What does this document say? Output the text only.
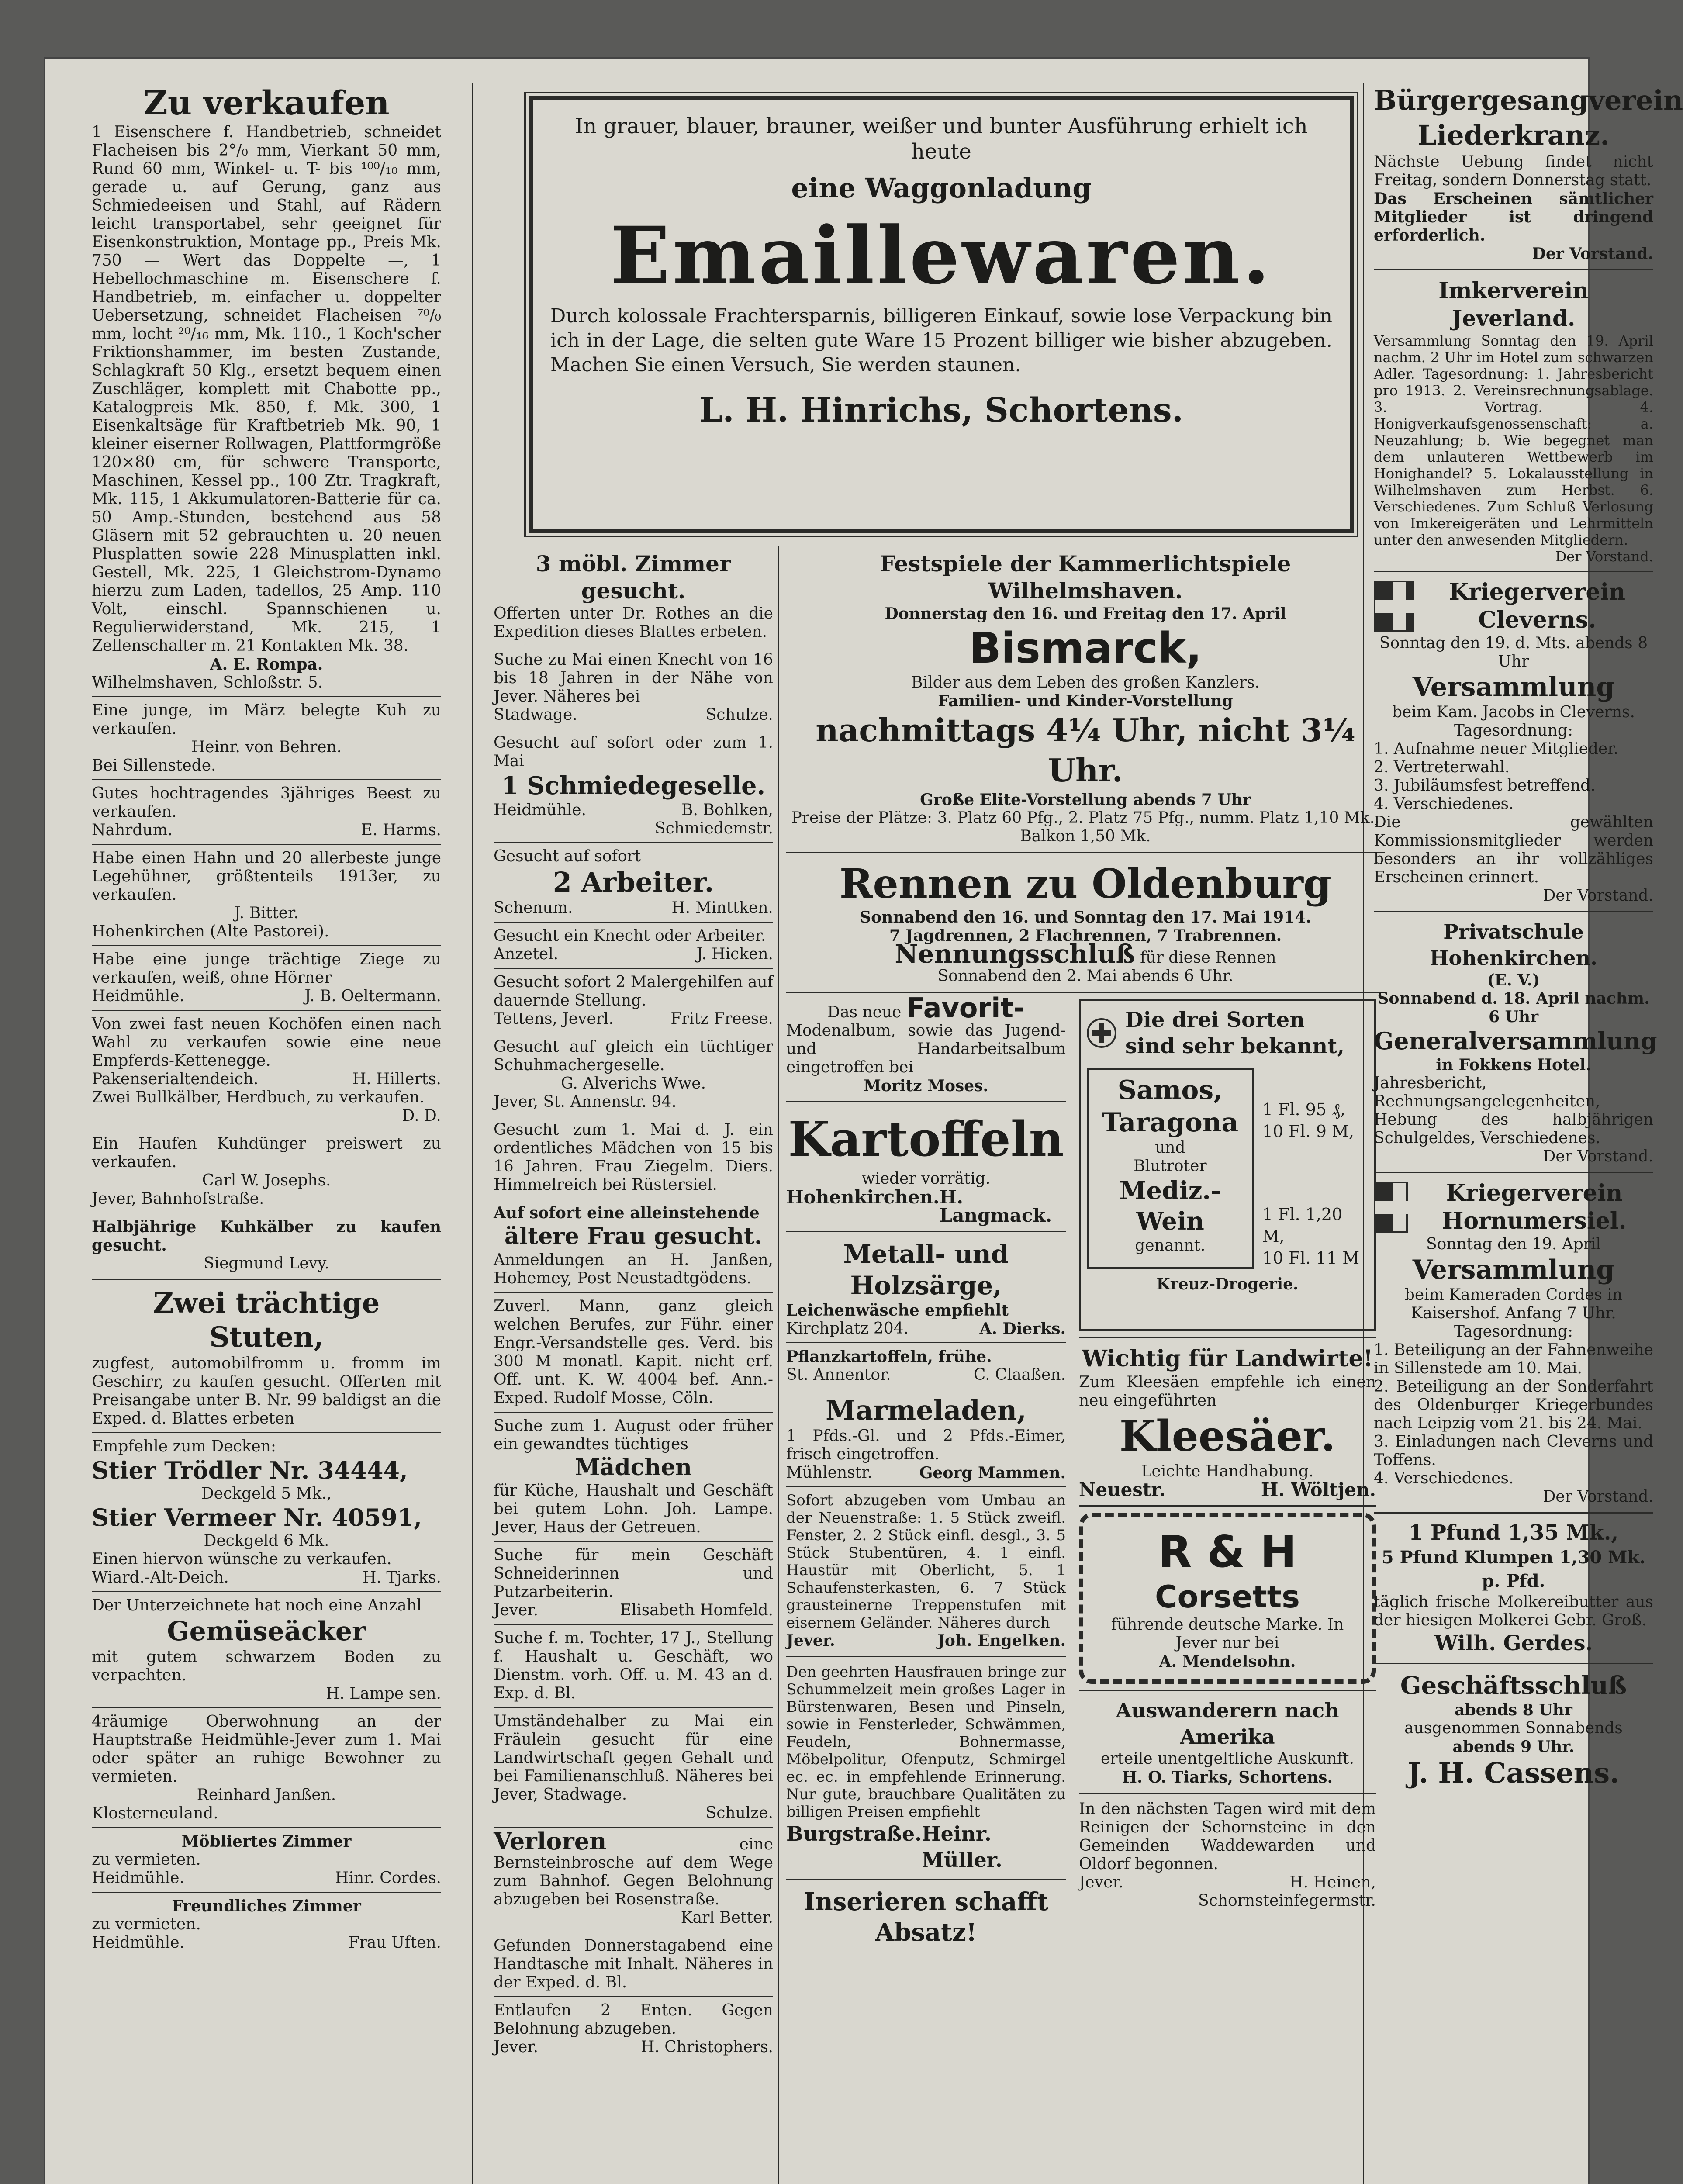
Zu verkaufen

1 Eisenschere f. Handbetrieb, schneidet Flacheisen bis 2°/₀ mm, Vierkant 50 mm, Rund 60 mm, Winkel- u. T- bis ¹⁰⁰/₁₀ mm, gerade u. auf Gerung, ganz aus Schmiedeeisen und Stahl, auf Rädern leicht transportabel, sehr geeignet für Eisenkonstruktion, Montage pp., Preis Mk. 750 — Wert das Doppelte —, 1 Hebellochmaschine m. Eisenschere f. Handbetrieb, m. einfacher u. doppelter Uebersetzung, schneidet Flacheisen ⁷⁰/₀ mm, locht ²⁰/₁₆ mm, Mk. 110., 1 Koch'scher Friktionshammer, im besten Zustande, Schlagkraft 50 Klg., ersetzt bequem einen Zuschläger, komplett mit Chabotte pp., Katalogpreis Mk. 850, f. Mk. 300, 1 Eisenkaltsäge für Kraftbetrieb Mk. 90, 1 kleiner eiserner Rollwagen, Plattformgröße 120×80 cm, für schwere Transporte, Maschinen, Kessel pp., 100 Ztr. Tragkraft, Mk. 115, 1 Akkumulatoren-Batterie für ca. 50 Amp.-Stunden, bestehend aus 58 Gläsern mit 52 gebrauchten u. 20 neuen Plusplatten sowie 228 Minusplatten inkl. Gestell, Mk. 225, 1 Gleichstrom-Dynamo hierzu zum Laden, tadellos, 25 Amp. 110 Volt, einschl. Spannschienen u. Regulierwiderstand, Mk. 215, 1 Zellenschalter m. 21 Kontakten Mk. 38.

A. E. Rompa.

Wilhelmshaven, Schloßstr. 5.

Eine junge, im März belegte Kuh zu verkaufen.

Heinr. von Behren.

Bei Sillenstede.

Gutes hochtragendes 3jähriges Beest zu verkaufen.

Nahrdum.	E. Harms.

Habe einen Hahn und 20 allerbeste junge Legehühner, größtenteils 1913er, zu verkaufen.

J. Bitter.

Hohenkirchen (Alte Pastorei).

Habe eine junge trächtige Ziege zu verkaufen, weiß, ohne Hörner

Heidmühle.	J. B. Oeltermann.

Von zwei fast neuen Kochöfen einen nach Wahl zu verkaufen sowie eine neue Empferds-Kettenegge.

Pakenserialtendeich.	H. Hillerts.

Zwei Bullkälber, Herdbuch, zu verkaufen.

D. D.

Ein Haufen Kuhdünger preiswert zu verkaufen.

Carl W. Josephs.

Jever, Bahnhofstraße.

Halbjährige Kuhkälber zu kaufen gesucht.

Siegmund Levy.

Zwei trächtige Stuten,

zugfest, automobilfromm u. fromm im Geschirr, zu kaufen gesucht. Offerten mit Preisangabe unter B. Nr. 99 baldigst an die Exped. d. Blattes erbeten

Empfehle zum Decken:

Stier Trödler Nr. 34444,

Deckgeld 5 Mk.,

Stier Vermeer Nr. 40591,

Deckgeld 6 Mk.

Einen hiervon wünsche zu verkaufen.

Wiard.-Alt-Deich.	H. Tjarks.

Der Unterzeichnete hat noch eine Anzahl

Gemüseäcker

mit gutem schwarzem Boden zu verpachten.

H. Lampe sen.

4räumige Oberwohnung an der Hauptstraße Heidmühle-Jever zum 1. Mai oder später an ruhige Bewohner zu vermieten.

Reinhard Janßen.

Klosterneuland.

Möbliertes Zimmer

zu vermieten.

Heidmühle.	Hinr. Cordes.

Freundliches Zimmer

zu vermieten.

Heidmühle.	Frau Uften.

In grauer, blauer, brauner, weißer und bunter Ausführung erhielt ich heute

eine Waggonladung

Emaillewaren.

Durch kolossale Frachtersparnis, billigeren Einkauf, sowie lose Verpackung bin ich in der Lage, die selten gute Ware 15 Prozent billiger wie bisher abzugeben. Machen Sie einen Versuch, Sie werden staunen.

L. H. Hinrichs, Schortens.

3 möbl. Zimmer gesucht.

Offerten unter Dr. Rothes an die Expedition dieses Blattes erbeten.

Suche zu Mai einen Knecht von 16 bis 18 Jahren in der Nähe von Jever. Näheres bei

Stadwage.	Schulze.

Gesucht auf sofort oder zum 1. Mai

1 Schmiedegeselle.

Heidmühle.	B. Bohlken,

Schmiedemstr.

Gesucht auf sofort

2 Arbeiter.

Schenum.	H. Minttken.

Gesucht ein Knecht oder Arbeiter.

Anzetel.	J. Hicken.

Gesucht sofort 2 Malergehilfen auf dauernde Stellung.

Tettens, Jeverl.	Fritz Freese.

Gesucht auf gleich ein tüchtiger Schuhmachergeselle.

G. Alverichs Wwe.

Jever, St. Annenstr. 94.

Gesucht zum 1. Mai d. J. ein ordentliches Mädchen von 15 bis 16 Jahren. Frau Ziegelm. Diers. Himmelreich bei Rüstersiel.

Auf sofort eine alleinstehende

ältere Frau gesucht.

Anmeldungen an H. Janßen, Hohemey, Post Neustadtgödens.

Zuverl. Mann, ganz gleich welchen Berufes, zur Führ. einer Engr.-Versandstelle ges. Verd. bis 300 M monatl. Kapit. nicht erf. Off. unt. K. W. 4004 bef. Ann.-Exped. Rudolf Mosse, Cöln.

Suche zum 1. August oder früher ein gewandtes tüchtiges

Mädchen

für Küche, Haushalt und Geschäft bei gutem Lohn. Joh. Lampe. Jever, Haus der Getreuen.

Suche für mein Geschäft Schneiderinnen und Putzarbeiterin.

Jever.	Elisabeth Homfeld.

Suche f. m. Tochter, 17 J., Stellung f. Haushalt u. Geschäft, wo Dienstm. vorh. Off. u. M. 43 an d. Exp. d. Bl.

Umständehalber zu Mai ein Fräulein gesucht für eine Landwirtschaft gegen Gehalt und bei Familienanschluß. Näheres bei Jever, Stadwage.

Schulze.

Verloren	eine Bernsteinbrosche auf dem Wege zum Bahnhof. Gegen Belohnung abzugeben bei Rosenstraße.

Karl Better.

Gefunden Donnerstagabend eine Handtasche mit Inhalt. Näheres in der Exped. d. Bl.

Entlaufen 2 Enten. Gegen Belohnung abzugeben.

Jever.	H. Christophers.

Festspiele der Kammerlichtspiele Wilhelmshaven.

Donnerstag den 16. und Freitag den 17. April

Bismarck,

Bilder aus dem Leben des großen Kanzlers.

Familien- und Kinder-Vorstellung

nachmittags 4¼ Uhr, nicht 3¼ Uhr.

Große Elite-Vorstellung abends 7 Uhr

Preise der Plätze: 3. Platz 60 Pfg., 2. Platz 75 Pfg., numm. Platz 1,10 Mk., Balkon 1,50 Mk.

Rennen zu Oldenburg

Sonnabend den 16. und Sonntag den 17. Mai 1914.

7 Jagdrennen, 2 Flachrennen, 7 Trabrennen.

Nennungsschluß für diese Rennen

Sonnabend den 2. Mai abends 6 Uhr.

Das neue Favorit-

Modenalbum, sowie das Jugend- und Handarbeitsalbum eingetroffen bei

Moritz Moses.

Kartoffeln

wieder vorrätig.

Hohenkirchen. H. Langmack.

Metall- und Holzsärge,

Leichenwäsche empfiehlt

Kirchplatz 204.	A. Dierks.

Pflanzkartoffeln, frühe.

St. Annentor.	C. Claaßen.

Marmeladen,

1 Pfds.-Gl. und 2 Pfds.-Eimer, frisch eingetroffen.

Mühlenstr.	Georg Mammen.

Sofort abzugeben vom Umbau an der Neuenstraße: 1. 5 Stück zweifl. Fenster, 2. 2 Stück einfl. desgl., 3. 5 Stück Stubentüren, 4. 1 einfl. Haustür mit Oberlicht, 5. 1 Schaufensterkasten, 6. 7 Stück grausteinerne Treppenstufen mit eisernem Geländer. Näheres durch

Jever.	Joh. Engelken.

Den geehrten Hausfrauen bringe zur Schummelzeit mein großes Lager in Bürstenwaren, Besen und Pinseln, sowie in Fensterleder, Schwämmen, Feudeln, Bohnermasse, Möbelpolitur, Ofenputz, Schmirgel ec. ec. in empfehlende Erinnerung. Nur gute, brauchbare Qualitäten zu billigen Preisen empfiehlt

Burgstraße. Heinr. Müller.

Inserieren schafft Absatz!

Die drei Sorten

sind sehr bekannt,

Samos,

Taragona

und

Blutroter

Mediz.-Wein

genannt.

1 Fl. 95 ₰,

10 Fl. 9 M,

1 Fl. 1,20 M,

10 Fl. 11 M

Kreuz-Drogerie.

Wichtig für Landwirte!

Zum Kleesäen empfehle ich einen neu eingeführten

Kleesäer.

Leichte Handhabung.

Neuestr.	H. Wöltjen.

R & H

Corsetts

führende deutsche Marke. In Jever nur bei

A. Mendelsohn.

Auswanderern nach Amerika

erteile unentgeltliche Auskunft.

H. O. Tiarks, Schortens.

In den nächsten Tagen wird mit dem Reinigen der Schornsteine in den Gemeinden Waddewarden und Oldorf begonnen.

Jever.	H. Heinen,

Schornsteinfegermstr.

Bürgergesangverein Liederkranz.

Nächste Uebung findet nicht Freitag, sondern Donnerstag statt.

Das Erscheinen sämtlicher Mitglieder ist dringend erforderlich.

Der Vorstand.

Imkerverein Jeverland.

Versammlung Sonntag den 19. April nachm. 2 Uhr im Hotel zum schwarzen Adler. Tagesordnung: 1. Jahresbericht pro 1913. 2. Vereinsrechnungsablage. 3. Vortrag. 4. Honigverkaufsgenossenschaft: a. Neuzahlung; b. Wie begegnet man dem unlauteren Wettbewerb im Honighandel? 5. Lokalausstellung in Wilhelmshaven zum Herbst. 6. Verschiedenes. Zum Schluß Verlosung von Imkereigeräten und Lehrmitteln unter den anwesenden Mitgliedern.

Der Vorstand.

Kriegerverein Cleverns.

Sonntag den 19. d. Mts. abends 8 Uhr

Versammlung

beim Kam. Jacobs in Cleverns.

Tagesordnung:

1. Aufnahme neuer Mitglieder.

2. Vertreterwahl.

3. Jubiläumsfest betreffend.

4. Verschiedenes.

Die gewählten Kommissionsmitglieder werden besonders an ihr vollzähliges Erscheinen erinnert.

Der Vorstand.

Privatschule Hohenkirchen.

(E. V.)

Sonnabend d. 18. April nachm. 6 Uhr

Generalversammlung

in Fokkens Hotel.

Jahresbericht, Rechnungsangelegenheiten, Hebung des halbjährigen Schulgeldes, Verschiedenes.

Der Vorstand.

Kriegerverein Hornumersiel.

Sonntag den 19. April

Versammlung

beim Kameraden Cordes in Kaisershof. Anfang 7 Uhr.

Tagesordnung:

1. Beteiligung an der Fahnenweihe in Sillenstede am 10. Mai.

2. Beteiligung an der Sonderfahrt des Oldenburger Kriegerbundes nach Leipzig vom 21. bis 24. Mai.

3. Einladungen nach Cleverns und Toffens.

4. Verschiedenes.

Der Vorstand.

1 Pfund 1,35 Mk.,

5 Pfund Klumpen 1,30 Mk. p. Pfd.

täglich frische Molkereibutter aus der hiesigen Molkerei Gebr. Groß.

Wilh. Gerdes.

Geschäftsschluß

abends 8 Uhr

ausgenommen Sonnabends

abends 9 Uhr.

J. H. Cassens.
